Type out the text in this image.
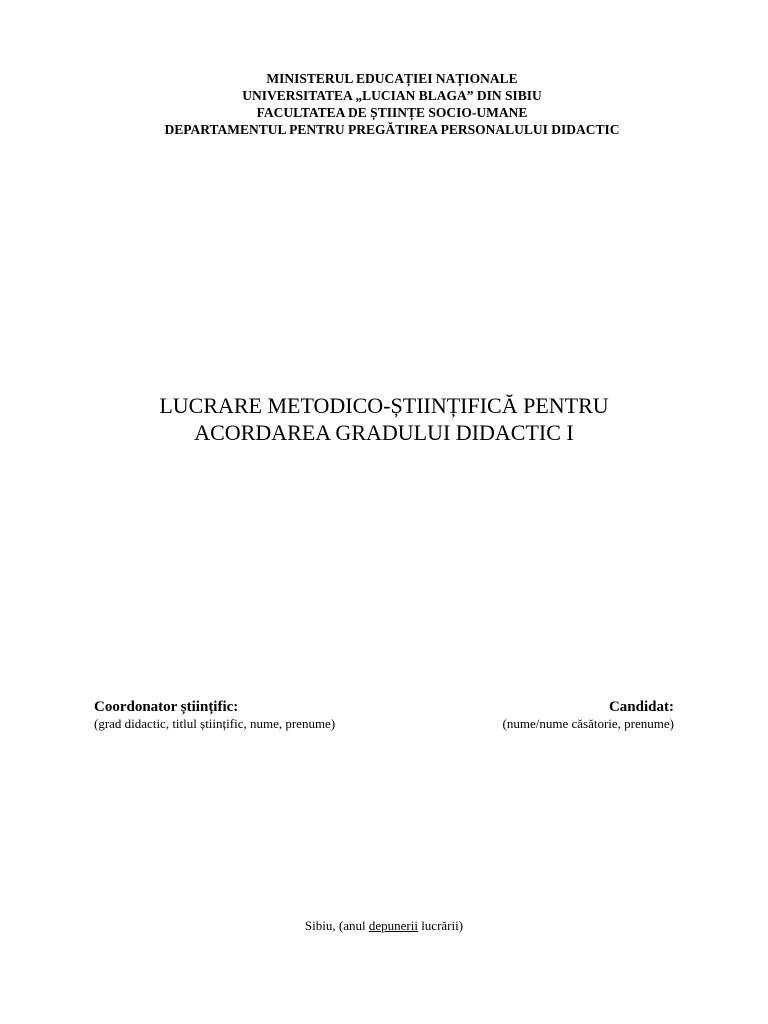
MINISTERUL EDUCAȚIEI NAȚIONALE
UNIVERSITATEA „LUCIAN BLAGA” DIN SIBIU
FACULTATEA DE ȘTIINȚE SOCIO-UMANE
DEPARTAMENTUL PENTRU PREGĂTIREA PERSONALULUI DIDACTIC
LUCRARE METODICO-ȘTIINȚIFICĂ PENTRU
ACORDAREA GRADULUI DIDACTIC I
Coordonator științific:
(grad didactic, titlul științific, nume, prenume)
Candidat:
(nume/nume căsătorie, prenume)
Sibiu, (anul depunerii lucrării)
